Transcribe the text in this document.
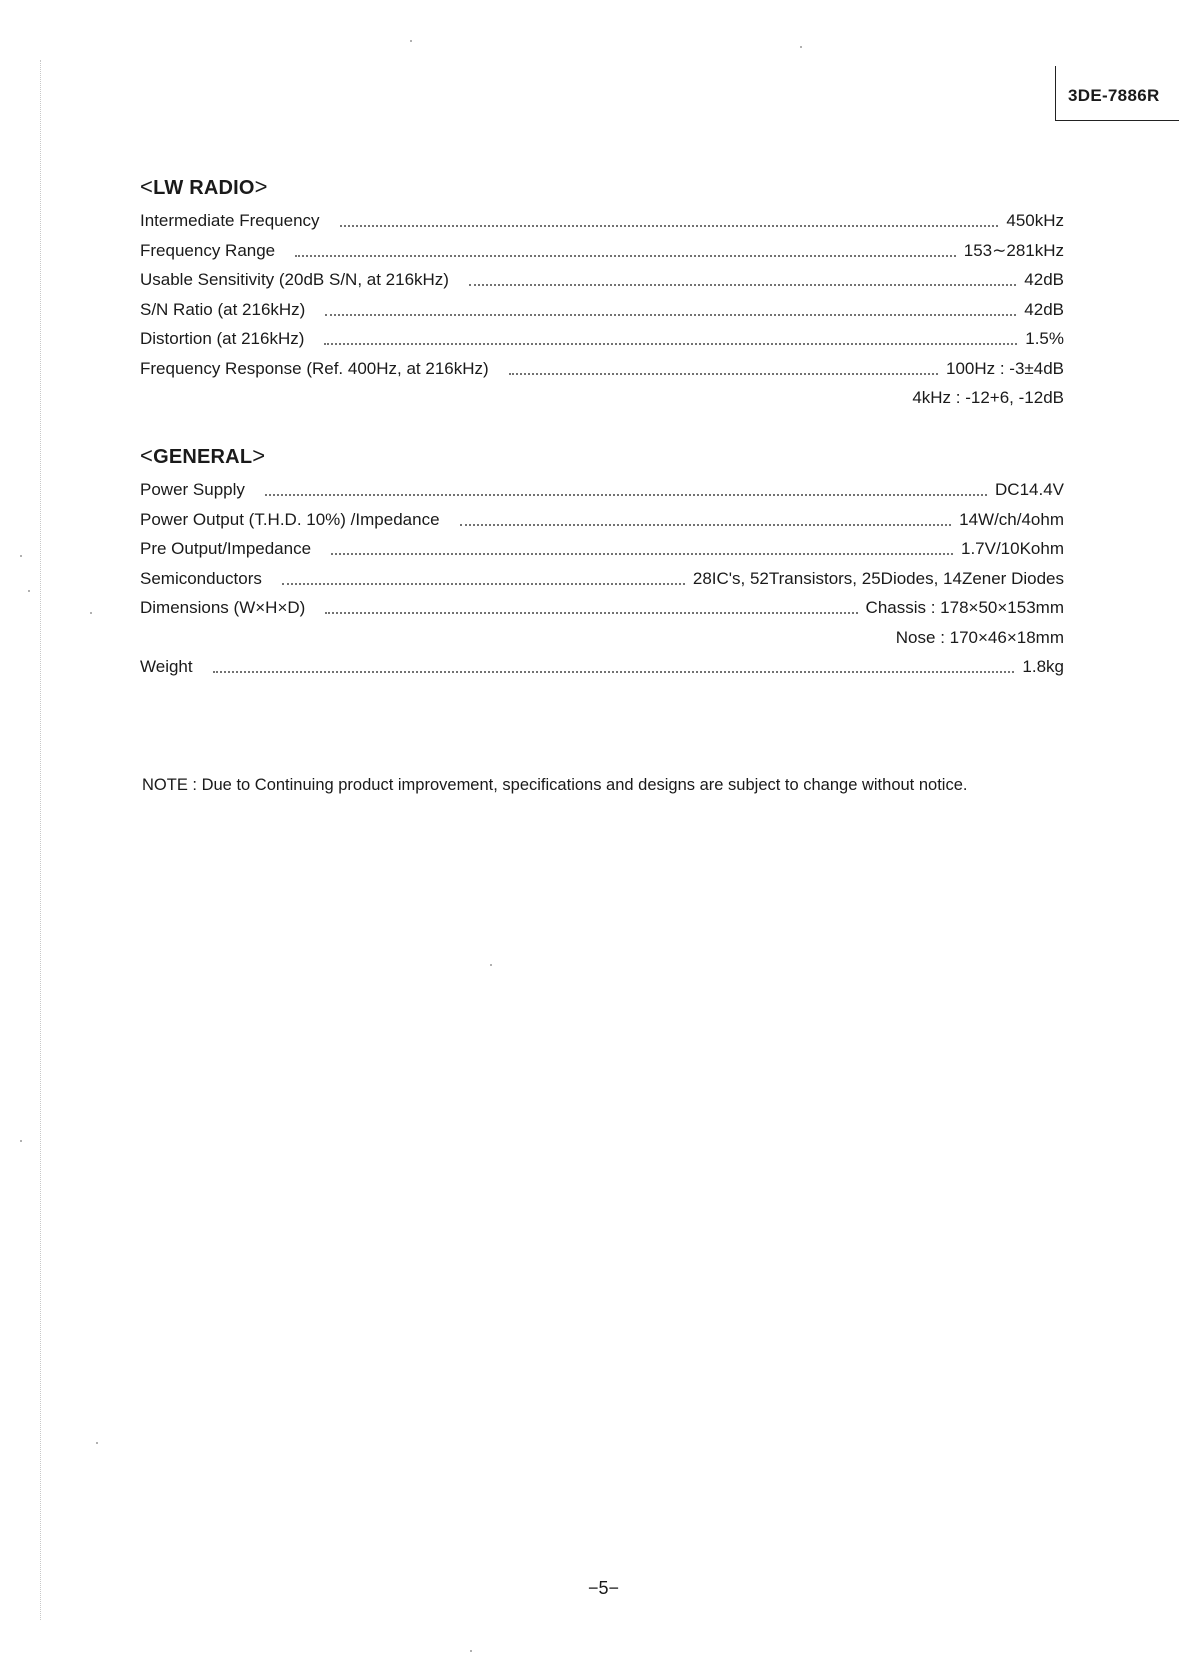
3DE-7886R
<LW RADIO>
Intermediate Frequency	450kHz
Frequency Range	153∼281kHz
Usable Sensitivity (20dB S/N, at 216kHz)	42dB
S/N Ratio (at 216kHz)	42dB
Distortion (at 216kHz)	1.5%
Frequency Response (Ref. 400Hz, at 216kHz)	100Hz : -3±4dB
4kHz : -12+6, -12dB
<GENERAL>
Power Supply	DC14.4V
Power Output (T.H.D. 10%) /Impedance	14W/ch/4ohm
Pre Output/Impedance	1.7V/10Kohm
Semiconductors	28IC's, 52Transistors, 25Diodes, 14Zener Diodes
Dimensions (W×H×D)	Chassis : 178×50×153mm
Nose : 170×46×18mm
Weight	1.8kg
NOTE : Due to Continuing product improvement, specifications and designs are subject to change without notice.
−5−
